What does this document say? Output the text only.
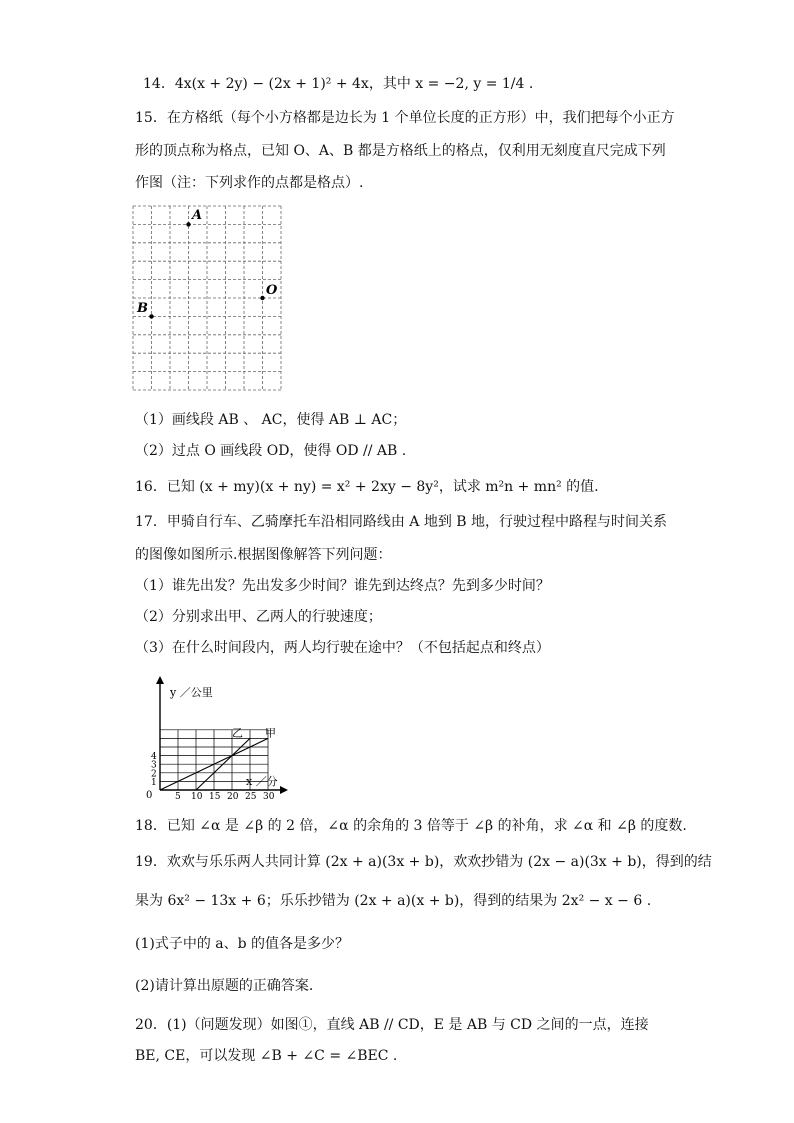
14．4x(x + 2y) − (2x + 1)² + 4x，其中 x = −2, y = 1/4 .
15．在方格纸（每个小方格都是边长为 1 个单位长度的正方形）中，我们把每个小正方
形的顶点称为格点，已知 O、A、B 都是方格纸上的格点，仅利用无刻度直尺完成下列
作图（注：下列求作的点都是格点）.
A
O
B
（1）画线段 AB 、 AC，使得 AB ⊥ AC；
（2）过点 O 画线段 OD，使得 OD // AB .
16．已知 (x + my)(x + ny) = x² + 2xy − 8y²，试求 m²n + mn² 的值.
17．甲骑自行车、乙骑摩托车沿相同路线由 A 地到 B 地，行驶过程中路程与时间关系
的图像如图所示.根据图像解答下列问题：
（1）谁先出发？先出发多少时间？谁先到达终点？先到多少时间？
（2）分别求出甲、乙两人的行驶速度；
（3）在什么时间段内，两人均行驶在途中？（不包括起点和终点）
y ／公里
x ／分
0	5 10 15 20 25 30
1
2
3
4
甲
乙
18．已知 ∠α 是 ∠β 的 2 倍，∠α 的余角的 3 倍等于 ∠β 的补角，求 ∠α 和 ∠β 的度数.
19．欢欢与乐乐两人共同计算 (2x + a)(3x + b)，欢欢抄错为 (2x − a)(3x + b)，得到的结
果为 6x² − 13x + 6；乐乐抄错为 (2x + a)(x + b)，得到的结果为 2x² − x − 6 .
(1)式子中的 a、b 的值各是多少？
(2)请计算出原题的正确答案.
20．(1)（问题发现）如图①，直线 AB // CD，E 是 AB 与 CD 之间的一点，连接
BE, CE，可以发现 ∠B + ∠C = ∠BEC .
